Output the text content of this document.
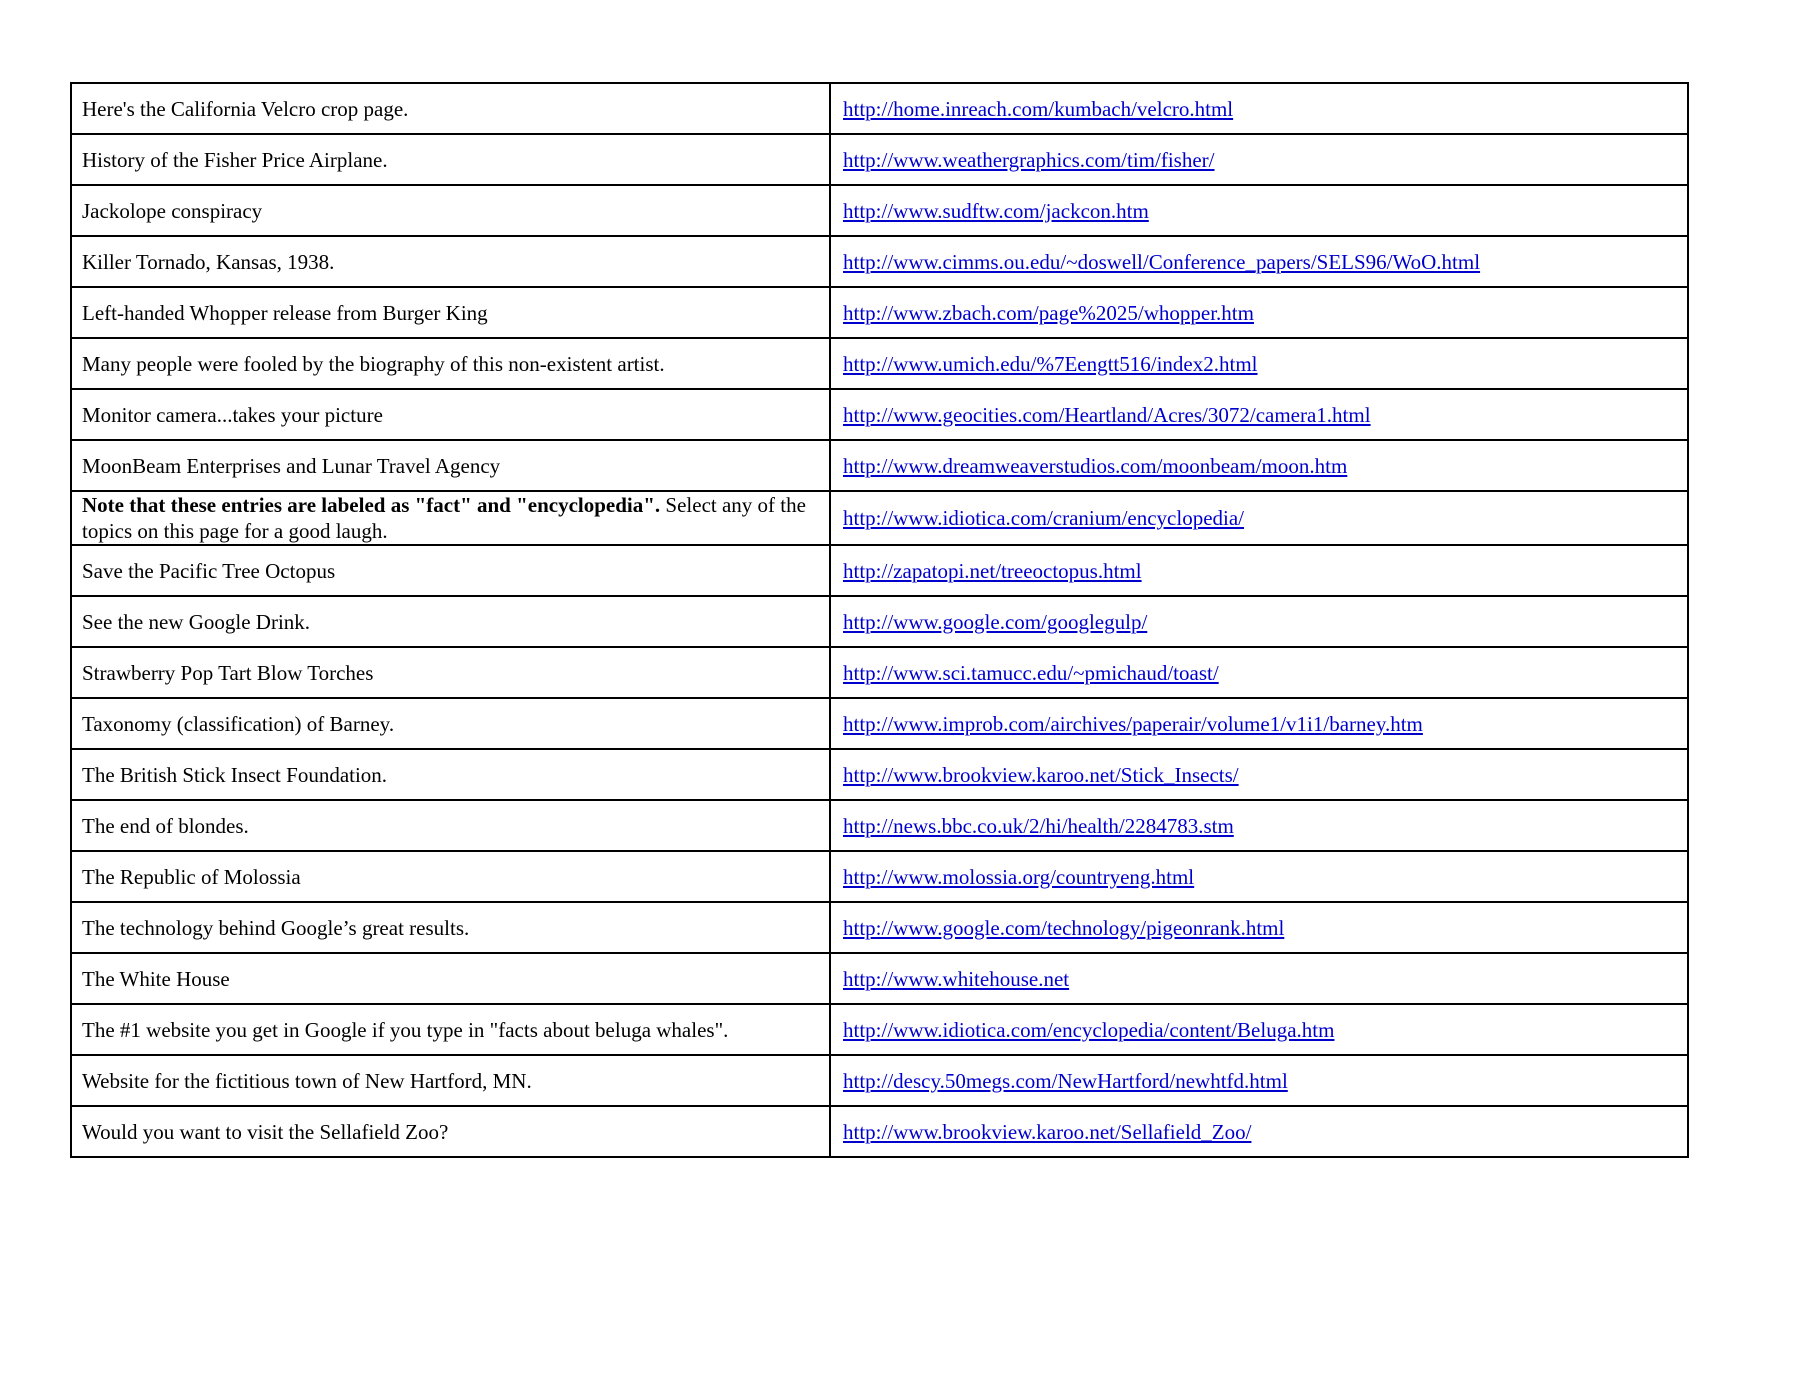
Here's the California Velcro crop page.	http://home.inreach.com/kumbach/velcro.html
History of the Fisher Price Airplane.	http://www.weathergraphics.com/tim/fisher/
Jackolope conspiracy	http://www.sudftw.com/jackcon.htm
Killer Tornado, Kansas, 1938.	http://www.cimms.ou.edu/~doswell/Conference_papers/SELS96/WoO.html
Left-handed Whopper release from Burger King	http://www.zbach.com/page%2025/whopper.htm
Many people were fooled by the biography of this non-existent artist.	http://www.umich.edu/%7Eengtt516/index2.html
Monitor camera...takes your picture	http://www.geocities.com/Heartland/Acres/3072/camera1.html
MoonBeam Enterprises and Lunar Travel Agency	http://www.dreamweaverstudios.com/moonbeam/moon.htm
Note that these entries are labeled as "fact" and "encyclopedia". Select any of the topics on this page for a good laugh.	http://www.idiotica.com/cranium/encyclopedia/
Save the Pacific Tree Octopus	http://zapatopi.net/treeoctopus.html
See the new Google Drink.	http://www.google.com/googlegulp/
Strawberry Pop Tart Blow Torches	http://www.sci.tamucc.edu/~pmichaud/toast/
Taxonomy (classification) of Barney.	http://www.improb.com/airchives/paperair/volume1/v1i1/barney.htm
The British Stick Insect Foundation.	http://www.brookview.karoo.net/Stick_Insects/
The end of blondes.	http://news.bbc.co.uk/2/hi/health/2284783.stm
The Republic of Molossia	http://www.molossia.org/countryeng.html
The technology behind Google’s great results.	http://www.google.com/technology/pigeonrank.html
The White House	http://www.whitehouse.net
The #1 website you get in Google if you type in "facts about beluga whales".	http://www.idiotica.com/encyclopedia/content/Beluga.htm
Website for the fictitious town of New Hartford, MN.	http://descy.50megs.com/NewHartford/newhtfd.html
Would you want to visit the Sellafield Zoo?	http://www.brookview.karoo.net/Sellafield_Zoo/
